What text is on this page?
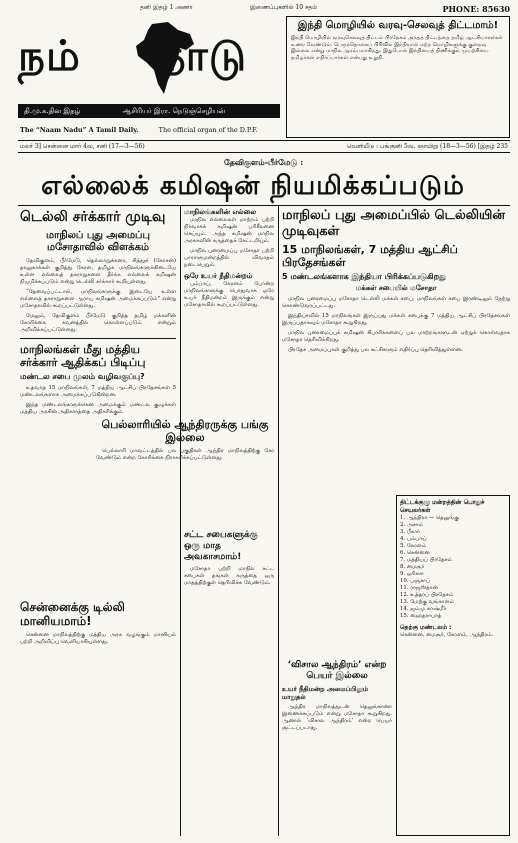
தனி இதழ் 1 அணா	இணைப்புகளில் 10 சதம்	PHONE: 85630
நம் நாடு
தி.மு.க.தின இதழ்	ஆசிரியர் இரா. நெடுஞ்செழியன்
The “Naam Nadu” A Tamil Daily.	The official organ of the D.P.F.
இந்தி மொழியில் வரவு-செலவுத் திட்டமாம்!

இந்தி மொழியில் வரவுசெலவுத் திட்டம் பிரதேசம் அந்தத் திட்டத்தை தமிழ் ஆட்சியாளர்கள் உணர வேண்டும். பெருந்தொகைப் பிரிவில் இந்தியால் மற்ற மொழிகளுக்கு குறைவு இல்லை என்று மாநில ஆரம்பமாகிறது. இதுபோல் இந்தியைத் திணிக்கும் முயற்சியை தமிழர்கள் எதிர்ப்பார்கள் என்பது உறுதி.

மலர் 3] சென்னை மார் 4வ, சனி (17—3—56)	வெளியீடு : பங்குனி 5வ. ஞாயிறு (18—3—56) [இதழ் 235
தேவிகுளம்-பீர்மேடு :
எல்லைக் கமிஷன் நியமிக்கப்படும்
டெல்லி சர்க்கார் முடிவு
மாநிலப் புது அமைப்பு மசோதாவில் விளக்கம்

தேவிகுளம், பீர்மேடு, தெல்லாறுக்கரை, சித்தூர் (கோசன்) தாலுகாக்கள் குறித்து கேரள, தமிழக மாநிலங்களுக்கிடையே உள்ள எல்லைத் தகராறுகளை தீர்க்க எல்லைக் கமிஷன் நியமிக்கப்படும் என்று டெல்லி சர்க்கார் கூறியுள்ளது.

“தேவைப்பட்டால், மாநிலங்களுக்கு இடையே உள்ள எல்லைத் தகராறுகளை ஆராய கமிஷன் அமைக்கப்படும்” என்று மசோதாவில் கூறப்பட்டுள்ளது.

மேலும், தேவிகுளம் பீர்மேடு குறித்த தமிழ் மக்களின் கோரிக்கை கவனத்தில் கொள்ளப்படும் என்றும் அறிவிக்கப்பட்டுள்ளது.

மாநிலங்கள் மீது மத்திய சர்க்கார் ஆதிக்கப் பிடிப்பு
மண்டல சபை முலம் வழிவகுப்பு?

உதவாத 15 மாநிலங்கள், 7 மத்திய ஆட்சிப் பிரதேசங்கள் 5 மண்டலங்களாக அமைக்கப்படுகின்றன.

இந்த மண்டலங்களுக்கென அமைக்கும் மண்டல குழுக்கள் மத்திய அரசின் அதிகாரத்தை அதிகரிக்கும்.

சென்னைக்கு டில்லி மானியமாம்!

சென்னை மாநிலத்திற்கு மத்திய அரசு வழங்கும் மானியம் பற்றி அறிவிப்பு வெளியாகியுள்ளது.

மாநிலங்களின் எல்லை

மாநில எல்லைகள் மாற்றம் பற்றி நிர்வாகக் கமிஷன் பரிசீலனை செய்யும். அந்த கமிஷன் மாநில அரசுகளின் கருத்தைக் கேட்டறியும்.

மாநில புனரமைப்பு மசோதா பற்றி பாராளுமன்றத்தில் விவாதம் நடைபெறும்.

ஒரே உயர் நீதிமன்றம்

பம்பாய், கேரளம் போன்ற மாநிலங்களுக்கு பொதுவாக ஒரே உயர் நீதிமன்றம் இருக்கும் என்று மசோதாவில் கூறப்பட்டுள்ளது.

பெல்லாரியில் ஆந்திரருக்கு பங்கு இல்லை

பெல்லாரி மாவட்டத்தில் பல பகுதிகள் ஆந்திர மாநிலத்திற்கு சேர வேண்டும் என்ற கோரிக்கை நிராகரிக்கப்பட்டுள்ளது.

சட்ட சபைகளுக்கு ஒரு மாத அவகாசமாம்!

மசோதா பற்றி மாநில சட்ட சபைகள் தங்கள் கருத்தை ஒரு மாதத்திற்குள் தெரிவிக்க வேண்டும்.

மாநிலப் புது அமைப்பில் டெல்லியின் முடிவுகள்
15 மாநிலங்கள், 7 மத்திய ஆட்சிப் பிரதேசங்கள்
5 மண்டலங்களாக இந்தியா பிரிக்கப்படுகிறது
மக்கள் சபையில் மசோதா

மாநில புனரமைப்பு மசோதா டெல்லி மக்கள் சபை, மாநிலங்கள் சபை இரண்டிலும் நேற்று கொண்டுவரப்பட்டது.

இந்தியாவில் 15 மாநிலங்கள் இருப்பது மக்கள் சபைக்கு 7 மத்திய ஆட்சிப் பிரதேசங்கள் இருப்பதாகவும் மசோதா கூறுகிறது.

மாநில புனரமைப்புக் கமிஷன் சிபாரிசுகளைப் பல மாற்றங்களுடன் ஏற்றுக் கொள்வதாக மசோதா தெரிவிக்கிறது.

பிரதேச அமைப்புகள் குறித்து பல கட்சிகளும் எதிர்ப்பு தெரிவித்துள்ளன.

திட்டக்குழு மன்றத்தின் பொதுச் செயலர்கள்
1. ஆந்திரா — தெலுங்கு
2. அசாம்
3. பீகார்
4. பம்பாய்
5. கேரளம்
6. சென்னை
7. மத்தியப் பிரதேசம்
8. மைசூர்
9. ஒரிஸா
10. பஞ்சாப்
11. ராஜஸ்தான்
12. உத்தரப் பிரதேசம்
13. மேற்கு வங்காளம்
14. ஜம்மு காஷ்மீர்
15. ஹைதராபாத்
தெற்கு மண்டலம் :
சென்னை, மைசூர், கேரளம், ஆந்திரம்.
‘விசால ஆந்திரம்’ என்ற பெயர் இல்லை
உயர் நீதிமன்ற அமைப்பிலும் மாறுதல்

ஆந்திர மாநிலத்துடன் தெலுங்கானா இணைக்கப்படும் என்று மசோதா கூறுகிறது. ஆனால் ‘விசால ஆந்திரம்’ என்ற பெயர் சூட்டப்படாது.
